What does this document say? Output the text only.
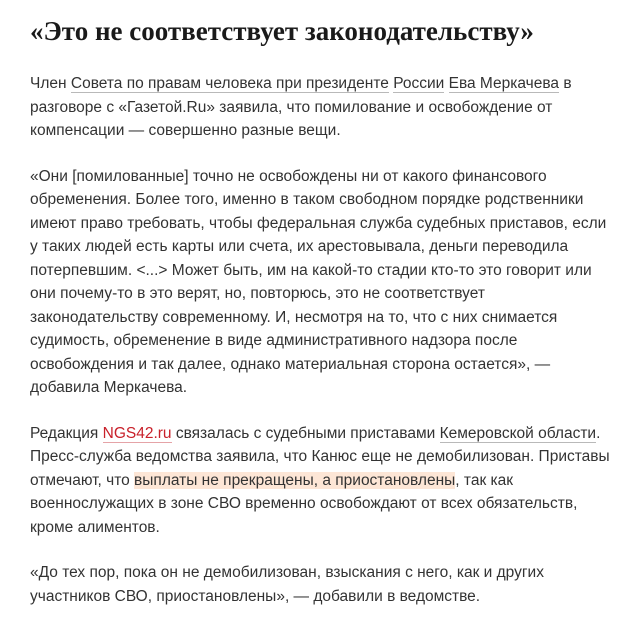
«Это не соответствует законодательству»

Член Совета по правам человека при президенте России Ева Меркачева в разговоре с «Газетой.Ru» заявила, что помилование и освобождение от компенсации — совершенно разные вещи.

«Они [помилованные] точно не освобождены ни от какого финансового обременения. Более того, именно в таком свободном порядке родственники имеют право требовать, чтобы федеральная служба судебных приставов, если у таких людей есть карты или счета, их арестовывала, деньги переводила потерпевшим. <...> Может быть, им на какой-то стадии кто-то это говорит или они почему-то в это верят, но, повторюсь, это не соответствует законодательству современному. И, несмотря на то, что с них снимается судимость, обременение в виде административного надзора после освобождения и так далее, однако материальная сторона остается», — добавила Меркачева.

Редакция NGS42.ru связалась с судебными приставами Кемеровской области. Пресс-служба ведомства заявила, что Канюс еще не демобилизован. Приставы отмечают, что выплаты не прекращены, а приостановлены, так как военнослужащих в зоне СВО временно освобождают от всех обязательств, кроме алиментов.

«До тех пор, пока он не демобилизован, взыскания с него, как и других участников СВО, приостановлены», — добавили в ведомстве.
